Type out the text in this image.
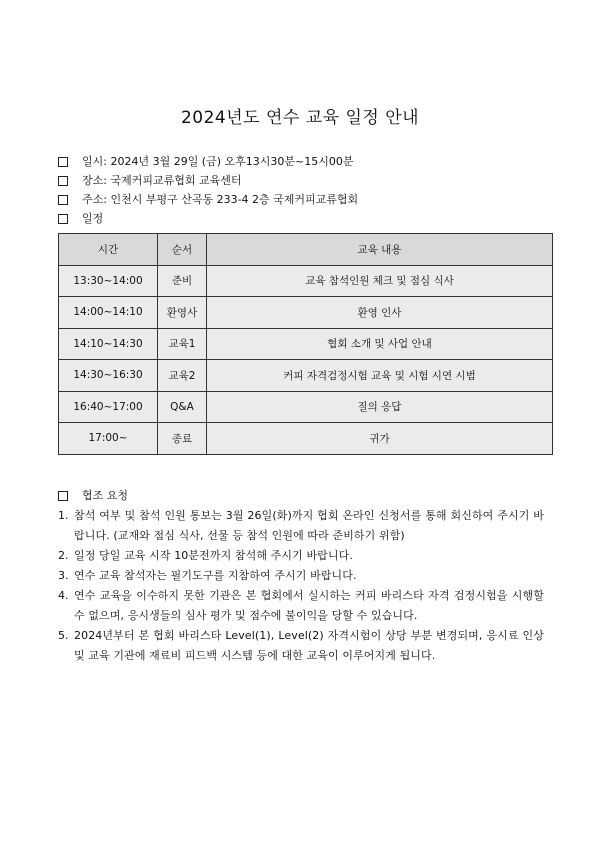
2024년도 연수 교육 일정 안내
일시: 2024년 3월 29일 (금) 오후13시30분~15시00분
장소: 국제커피교류협회 교육센터
주소: 인천시 부평구 산곡동 233-4 2층 국제커피교류협회
일정
시간	순서	교육 내용
13:30~14:00	준비	교육 참석인원 체크 및 점심 식사
14:00~14:10	환영사	환영 인사
14:10~14:30	교육1	협회 소개 및 사업 안내
14:30~16:30	교육2	커피 자격검정시험 교육 및 시험 시연 시범
16:40~17:00	Q&A	질의 응답
17:00~	종료	귀가
협조 요청
1. 참석 여부 및 참석 인원 통보는 3월 26일(화)까지 협회 온라인 신청서를 통해 회신하여 주시기 바랍니다. (교재와 점심 식사, 선물 등 참석 인원에 따라 준비하기 위함)
2. 일정 당일 교육 시작 10분전까지 참석해 주시기 바랍니다.
3. 연수 교육 참석자는 필기도구를 지참하여 주시기 바랍니다.
4. 연수 교육을 이수하지 못한 기관은 본 협회에서 실시하는 커피 바리스타 자격 검정시험을 시행할 수 없으며, 응시생들의 심사 평가 및 점수에 불이익을 당할 수 있습니다.
5. 2024년부터 본 협회 바리스타 Level(1), Level(2) 자격시험이 상당 부분 변경되며, 응시료 인상 및 교육 기관에 재료비 피드백 시스템 등에 대한 교육이 이루어지게 됩니다.
